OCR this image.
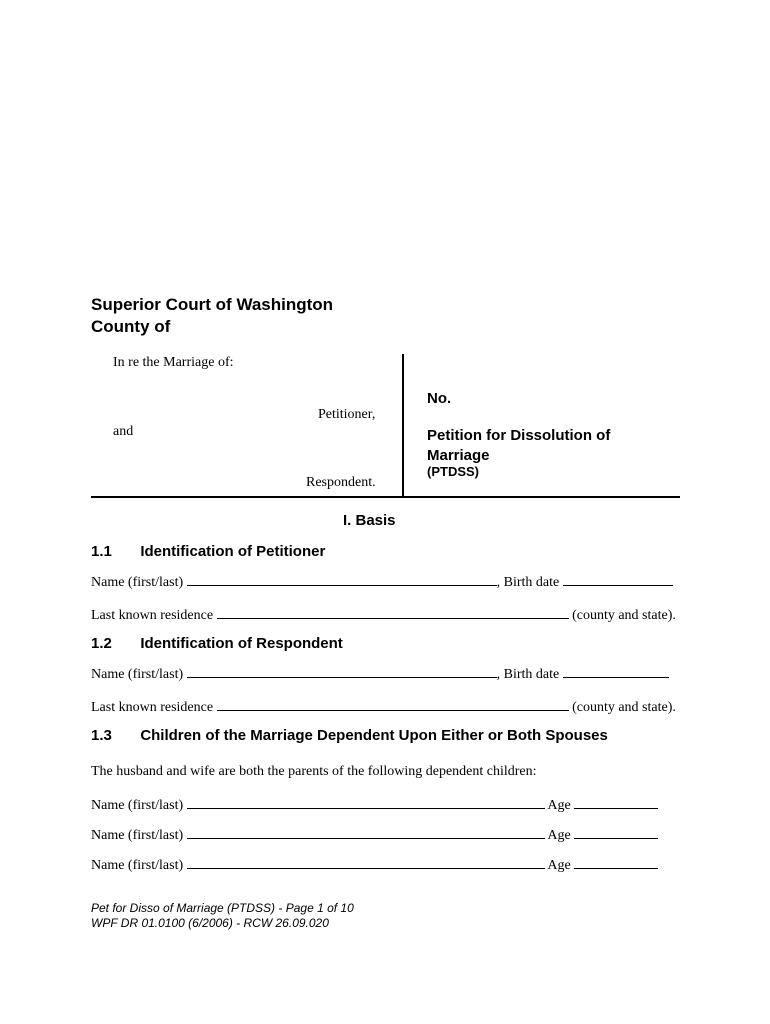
Superior Court of Washington
County of
In re the Marriage of:
Petitioner,
and
Respondent.
No.
Petition for Dissolution of Marriage
(PTDSS)
I. Basis
1.1 Identification of Petitioner
Name (first/last)	, Birth date
Last known residence	(county and state).
1.2 Identification of Respondent
Name (first/last)	, Birth date
Last known residence	(county and state).
1.3 Children of the Marriage Dependent Upon Either or Both Spouses
The husband and wife are both the parents of the following dependent children:
Name (first/last)	Age
Name (first/last)	Age
Name (first/last)	Age
Pet for Disso of Marriage (PTDSS) - Page 1 of 10
WPF DR 01.0100 (6/2006) - RCW 26.09.020
